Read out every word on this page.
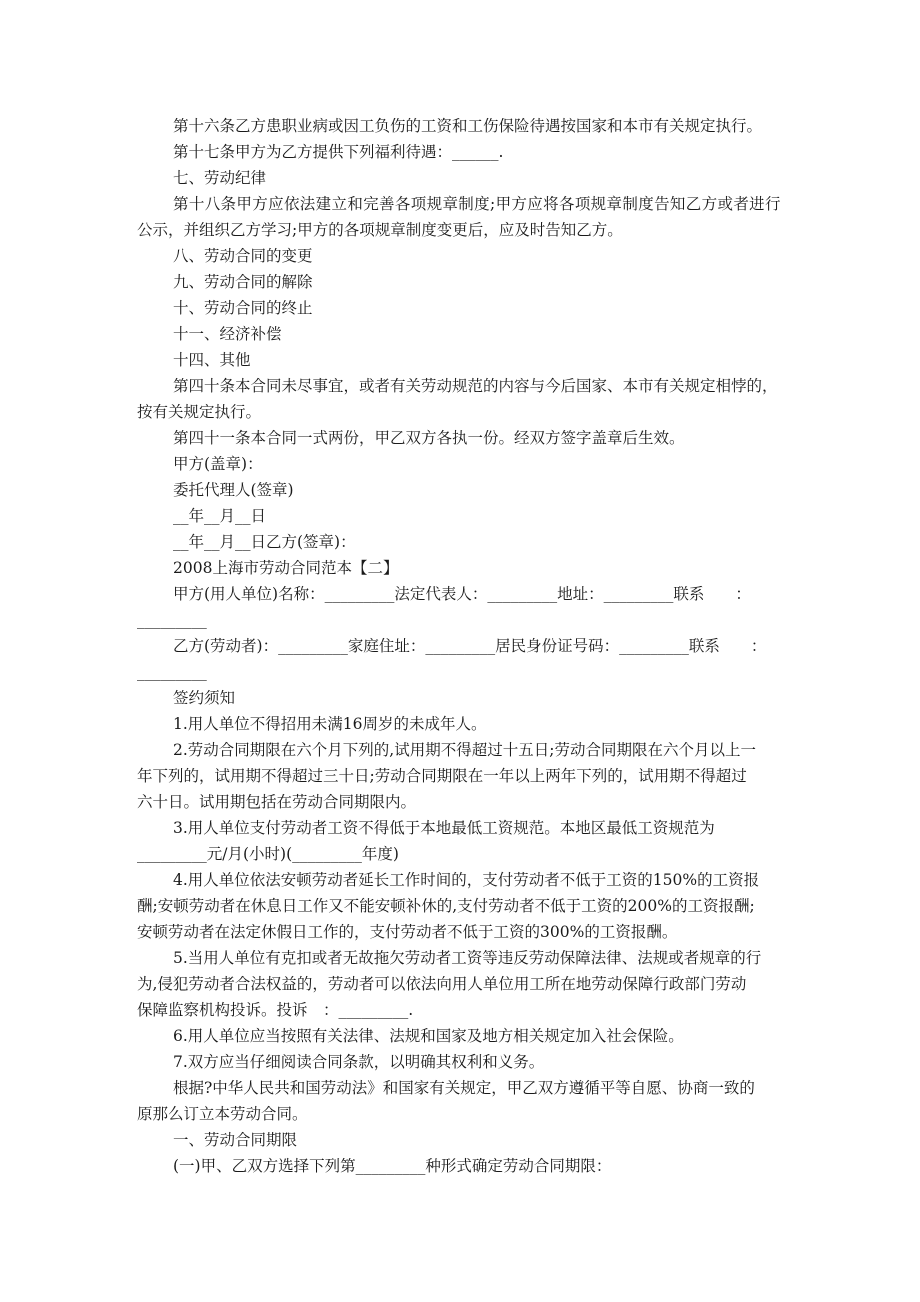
第十六条乙方患职业病或因工负伤的工资和工伤保险待遇按国家和本市有关规定执行。
第十七条甲方为乙方提供下列福利待遇：______.
七、劳动纪律
第十八条甲方应依法建立和完善各项规章制度;甲方应将各项规章制度告知乙方或者进行
公示，并组织乙方学习;甲方的各项规章制度变更后，应及时告知乙方。
八、劳动合同的变更
九、劳动合同的解除
十、劳动合同的终止
十一、经济补偿
十四、其他
第四十条本合同未尽事宜，或者有关劳动规范的内容与今后国家、本市有关规定相悖的，
按有关规定执行。
第四十一条本合同一式两份，甲乙双方各执一份。经双方签字盖章后生效。
甲方(盖章)：
委托代理人(签章)
__年__月__日
__年__月__日乙方(签章)：
2008上海市劳动合同范本【二】
甲方(用人单位)名称：_________法定代表人：_________地址：_________联系　　：
_________
乙方(劳动者)：_________家庭住址：_________居民身份证号码：_________联系　　：
_________
签约须知
1.用人单位不得招用未满16周岁的未成年人。
2.劳动合同期限在六个月下列的,试用期不得超过十五日;劳动合同期限在六个月以上一
年下列的，试用期不得超过三十日;劳动合同期限在一年以上两年下列的，试用期不得超过
六十日。试用期包括在劳动合同期限内。
3.用人单位支付劳动者工资不得低于本地最低工资规范。本地区最低工资规范为
_________元/月(小时)(_________年度)
4.用人单位依法安顿劳动者延长工作时间的，支付劳动者不低于工资的150%的工资报
酬;安顿劳动者在休息日工作又不能安顿补休的,支付劳动者不低于工资的200%的工资报酬;
安顿劳动者在法定休假日工作的，支付劳动者不低于工资的300%的工资报酬。
5.当用人单位有克扣或者无故拖欠劳动者工资等违反劳动保障法律、法规或者规章的行
为,侵犯劳动者合法权益的，劳动者可以依法向用人单位用工所在地劳动保障行政部门劳动
保障监察机构投诉。投诉　：_________.
6.用人单位应当按照有关法律、法规和国家及地方相关规定加入社会保险。
7.双方应当仔细阅读合同条款，以明确其权利和义务。
根据?中华人民共和国劳动法》和国家有关规定，甲乙双方遵循平等自愿、协商一致的
原那么订立本劳动合同。
一、劳动合同期限
(一)甲、乙双方选择下列第_________种形式确定劳动合同期限：
